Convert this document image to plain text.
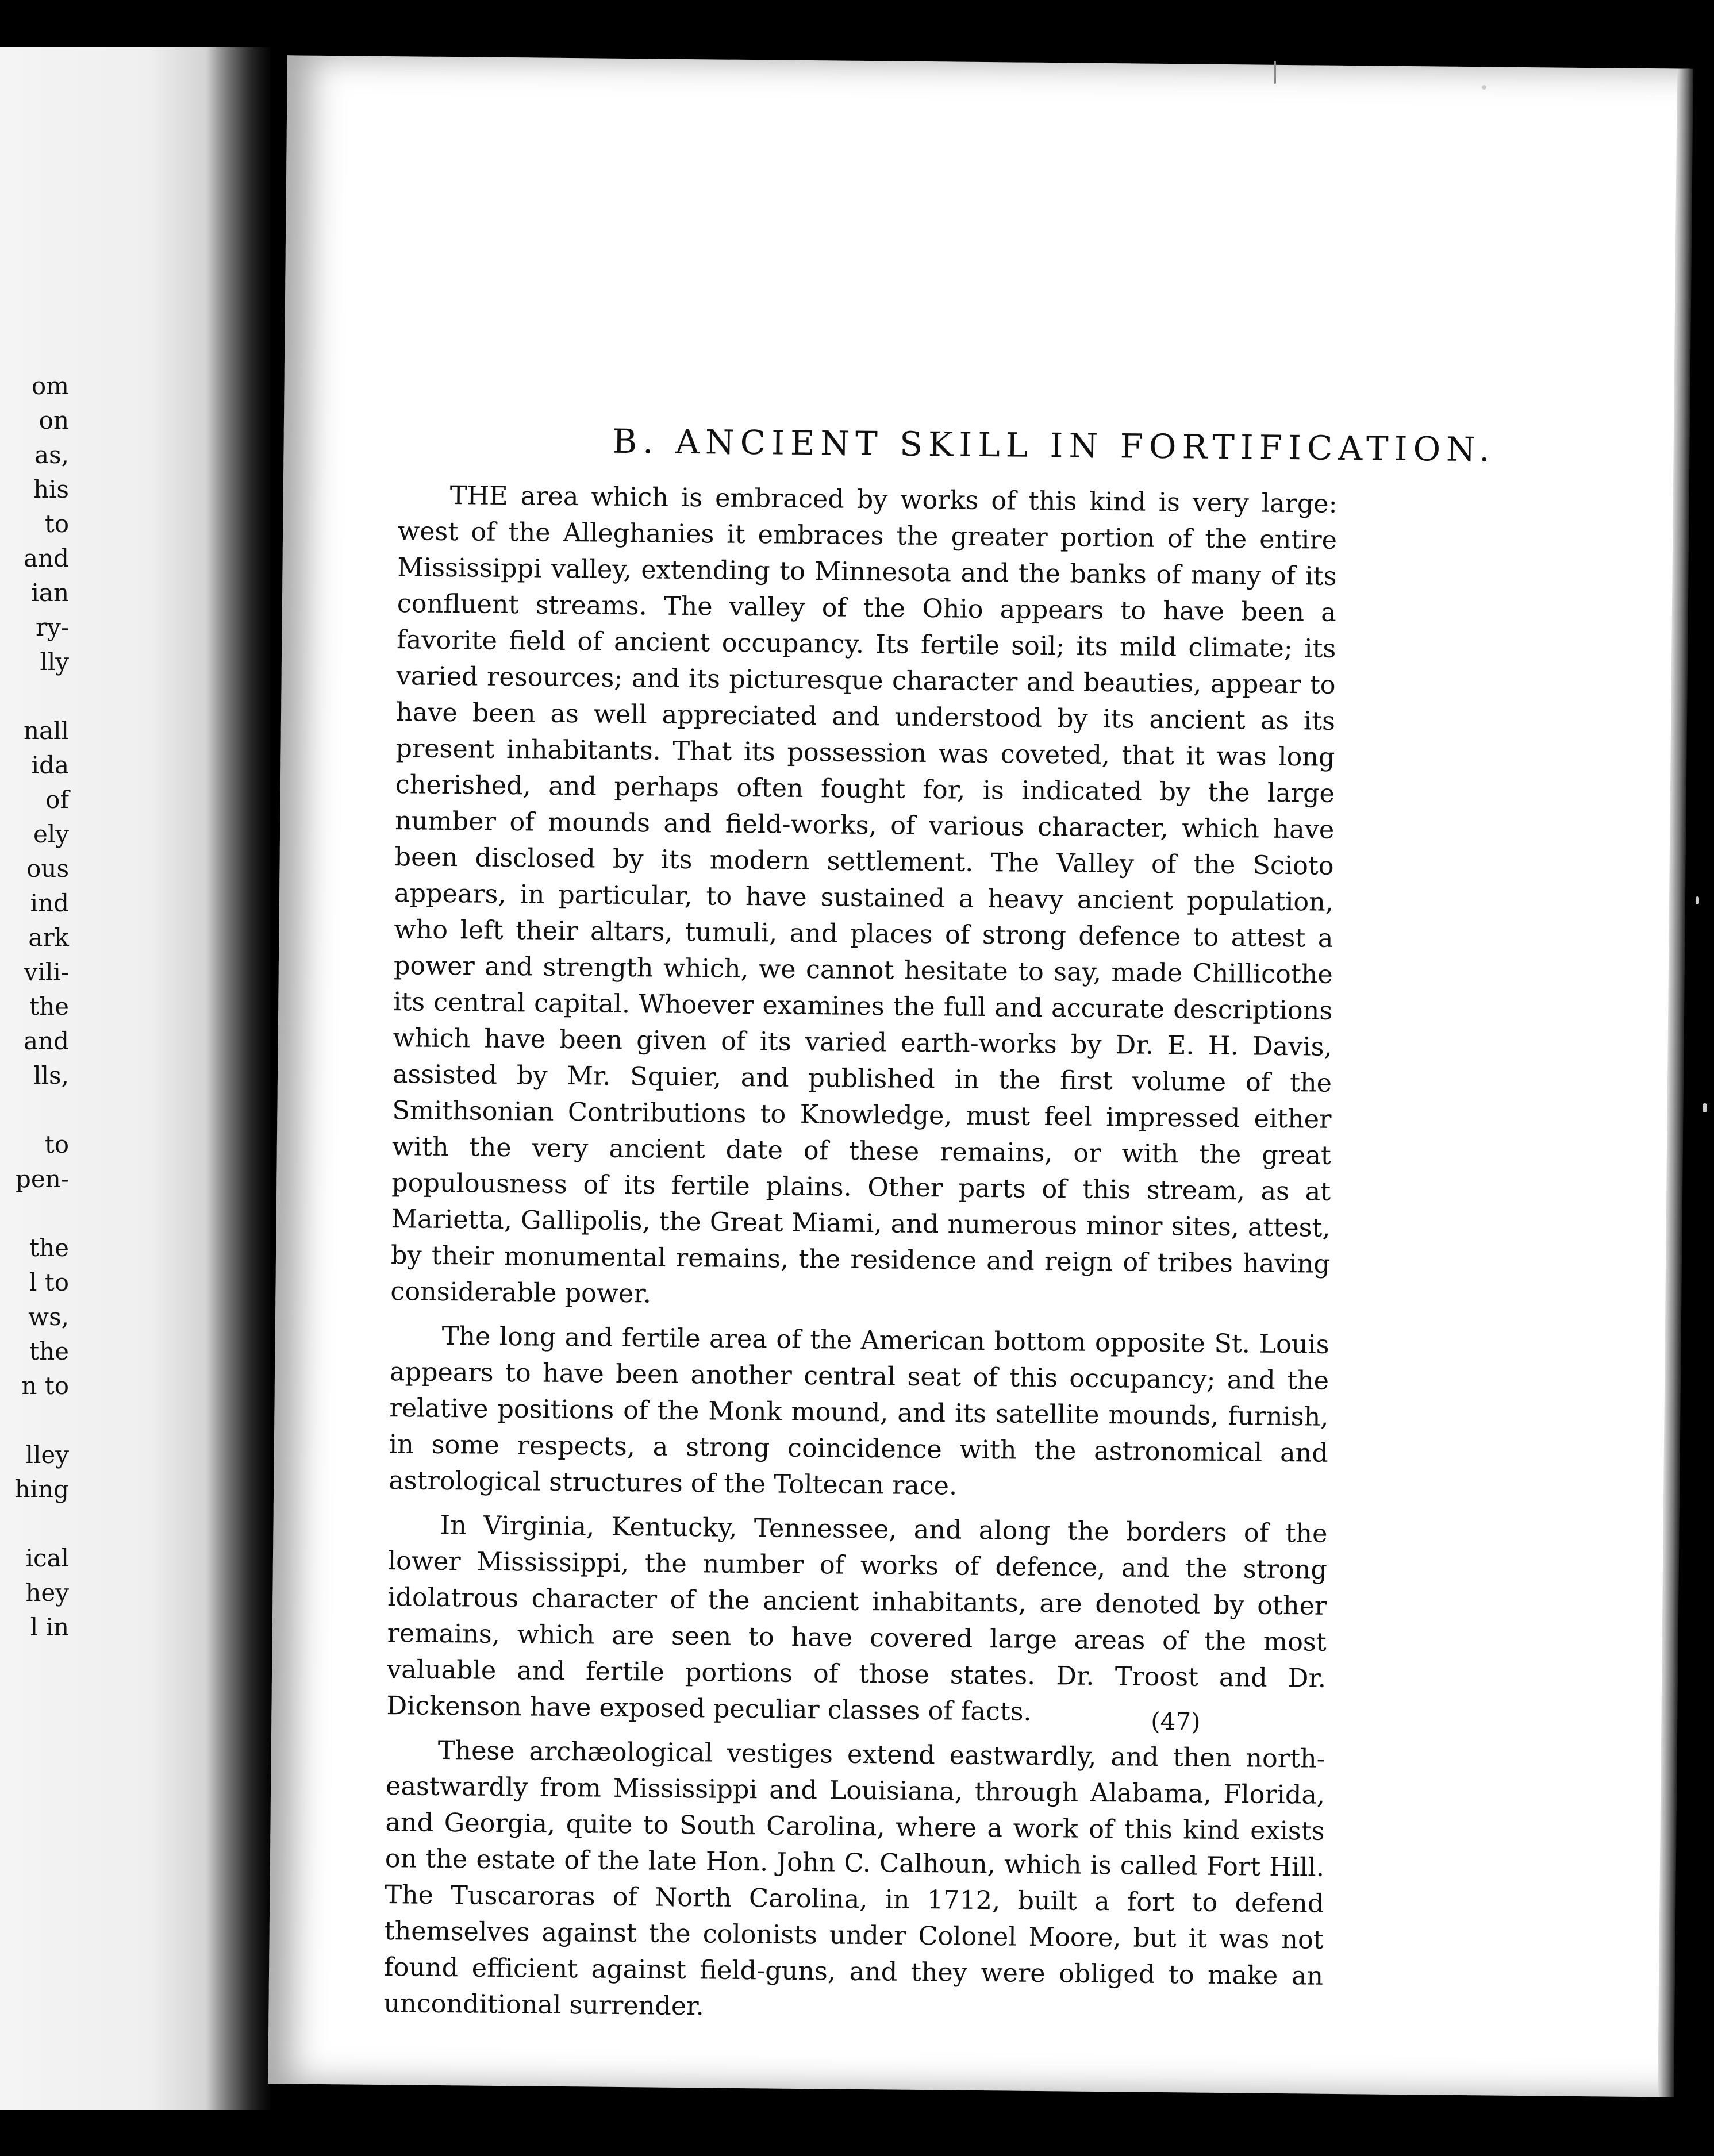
om
on
as,
his
to
and
ian
ry-
lly
nall
ida
of
ely
ous
ind
ark
vili-
the
and
lls,
to
pen-
the
l to
ws,
the
n to
lley
hing
ical
hey
l in
B. ANCIENT SKILL IN FORTIFICATION.

THE area which is embraced by works of this kind is very large: west of the Alleghanies it embraces the greater portion of the entire Mississippi valley, extending to Minnesota and the banks of many of its confluent streams. The valley of the Ohio appears to have been a favorite field of ancient occupancy. Its fertile soil; its mild climate; its varied resources; and its picturesque character and beauties, appear to have been as well appreciated and understood by its ancient as its present inhabitants. That its possession was coveted, that it was long cherished, and perhaps often fought for, is indicated by the large number of mounds and field-works, of various character, which have been disclosed by its modern settlement. The Valley of the Scioto appears, in particular, to have sustained a heavy ancient population, who left their altars, tumuli, and places of strong defence to attest a power and strength which, we cannot hesitate to say, made Chillicothe its central capital. Whoever examines the full and accurate descriptions which have been given of its varied earth-works by Dr. E. H. Davis, assisted by Mr. Squier, and published in the first volume of the Smithsonian Contributions to Knowledge, must feel impressed either with the very ancient date of these remains, or with the great populousness of its fertile plains. Other parts of this stream, as at Marietta, Gallipolis, the Great Miami, and numerous minor sites, attest, by their monumental remains, the residence and reign of tribes having considerable power.

The long and fertile area of the American bottom opposite St. Louis appears to have been another central seat of this occupancy; and the relative positions of the Monk mound, and its satellite mounds, furnish, in some respects, a strong coincidence with the astronomical and astrological structures of the Toltecan race.

In Virginia, Kentucky, Tennessee, and along the borders of the lower Mississippi, the number of works of defence, and the strong idolatrous character of the ancient inhabitants, are denoted by other remains, which are seen to have covered large areas of the most valuable and fertile portions of those states. Dr. Troost and Dr. Dickenson have exposed peculiar classes of facts.

These archæological vestiges extend eastwardly, and then north-eastwardly from Mississippi and Louisiana, through Alabama, Florida, and Georgia, quite to South Carolina, where a work of this kind exists on the estate of the late Hon. John C. Calhoun, which is called Fort Hill. The Tuscaroras of North Carolina, in 1712, built a fort to defend themselves against the colonists under Colonel Moore, but it was not found efficient against field-guns, and they were obliged to make an unconditional surrender.

(47)
